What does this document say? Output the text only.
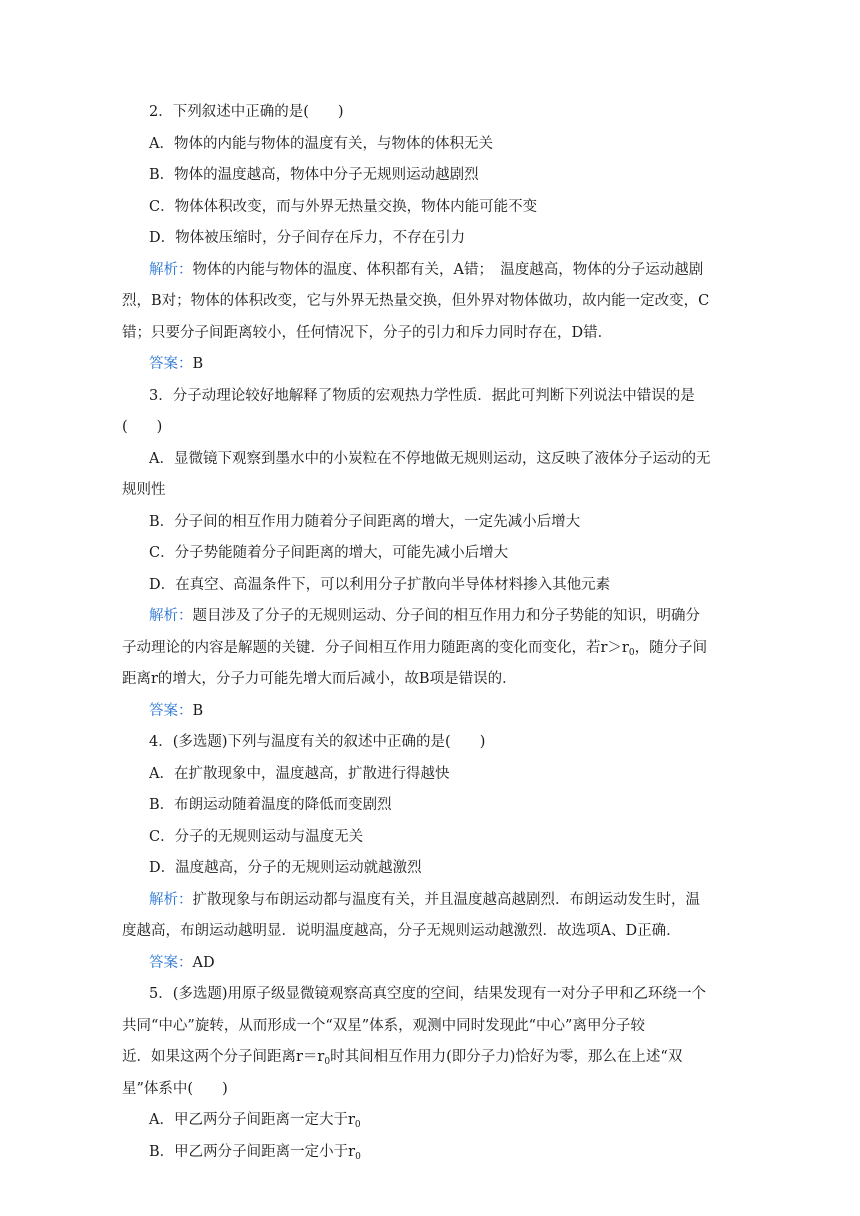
2．下列叙述中正确的是(　　)
A．物体的内能与物体的温度有关，与物体的体积无关
B．物体的温度越高，物体中分子无规则运动越剧烈
C．物体体积改变，而与外界无热量交换，物体内能可能不变
D．物体被压缩时，分子间存在斥力，不存在引力
解析：物体的内能与物体的温度、体积都有关，A错；　温度越高，物体的分子运动越剧
烈，B对；物体的体积改变，它与外界无热量交换，但外界对物体做功，故内能一定改变，C
错；只要分子间距离较小，任何情况下，分子的引力和斥力同时存在，D错．
答案：B
3．分子动理论较好地解释了物质的宏观热力学性质．据此可判断下列说法中错误的是
(　　)
A．显微镜下观察到墨水中的小炭粒在不停地做无规则运动，这反映了液体分子运动的无
规则性
B．分子间的相互作用力随着分子间距离的增大，一定先减小后增大
C．分子势能随着分子间距离的增大，可能先减小后增大
D．在真空、高温条件下，可以利用分子扩散向半导体材料掺入其他元素
解析：题目涉及了分子的无规则运动、分子间的相互作用力和分子势能的知识，明确分
子动理论的内容是解题的关键．分子间相互作用力随距离的变化而变化，若$r>r_0$，随分子间
距离r的增大，分子力可能先增大而后减小，故B项是错误的．
答案：B
4．(多选题)下列与温度有关的叙述中正确的是(　　)
A．在扩散现象中，温度越高，扩散进行得越快
B．布朗运动随着温度的降低而变剧烈
C．分子的无规则运动与温度无关
D．温度越高，分子的无规则运动就越激烈
解析：扩散现象与布朗运动都与温度有关，并且温度越高越剧烈．布朗运动发生时，温
度越高，布朗运动越明显．说明温度越高，分子无规则运动越激烈．故选项A、D正确．
答案：AD
5．(多选题)用原子级显微镜观察高真空度的空间，结果发现有一对分子甲和乙环绕一个
共同“中心”旋转，从而形成一个“双星”体系，观测中同时发现此“中心”离甲分子较
近．如果这两个分子间距离$r=r_0$时其间相互作用力(即分子力)恰好为零，那么在上述“双
星”体系中(　　)
A．甲乙两分子间距离一定大于$r_0$
B．甲乙两分子间距离一定小于$r_0$
